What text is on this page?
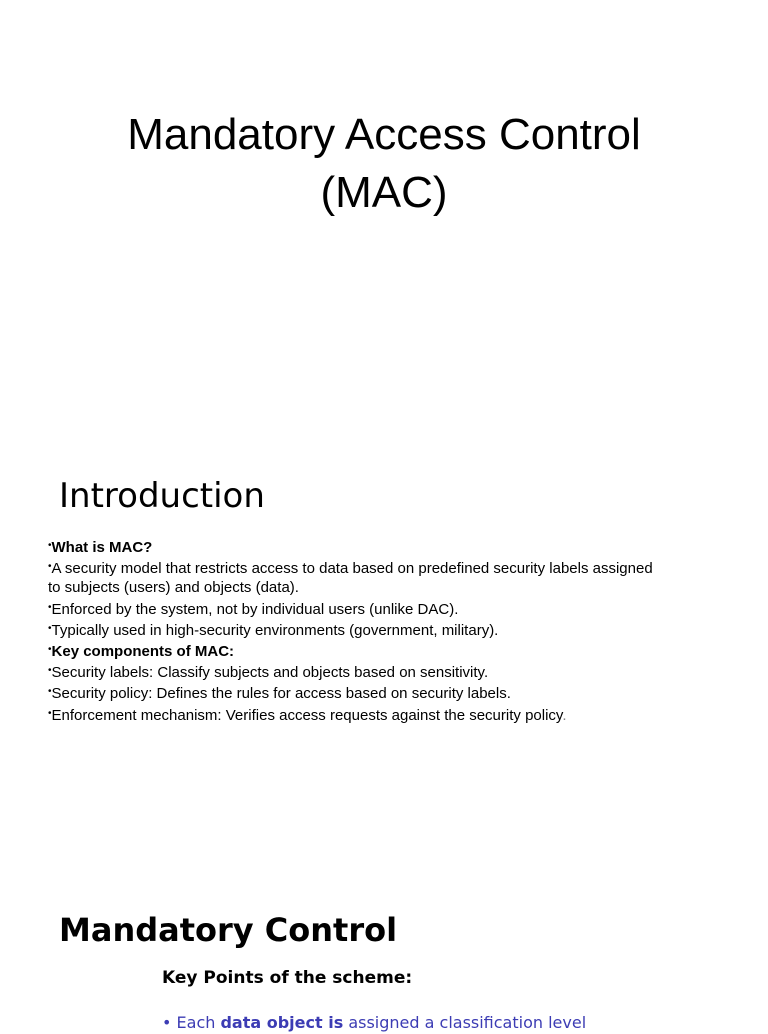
Mandatory Access Control
(MAC)
Introduction
•What is MAC?
•A security model that restricts access to data based on predefined security labels assigned to subjects (users) and objects (data).
•Enforced by the system, not by individual users (unlike DAC).
•Typically used in high-security environments (government, military).
•Key components of MAC:
•Security labels: Classify subjects and objects based on sensitivity.
•Security policy: Defines the rules for access based on security labels.
•Enforcement mechanism: Verifies access requests against the security policy.
Mandatory Control

Key Points of the scheme:

• Each data object is assigned a classification level
